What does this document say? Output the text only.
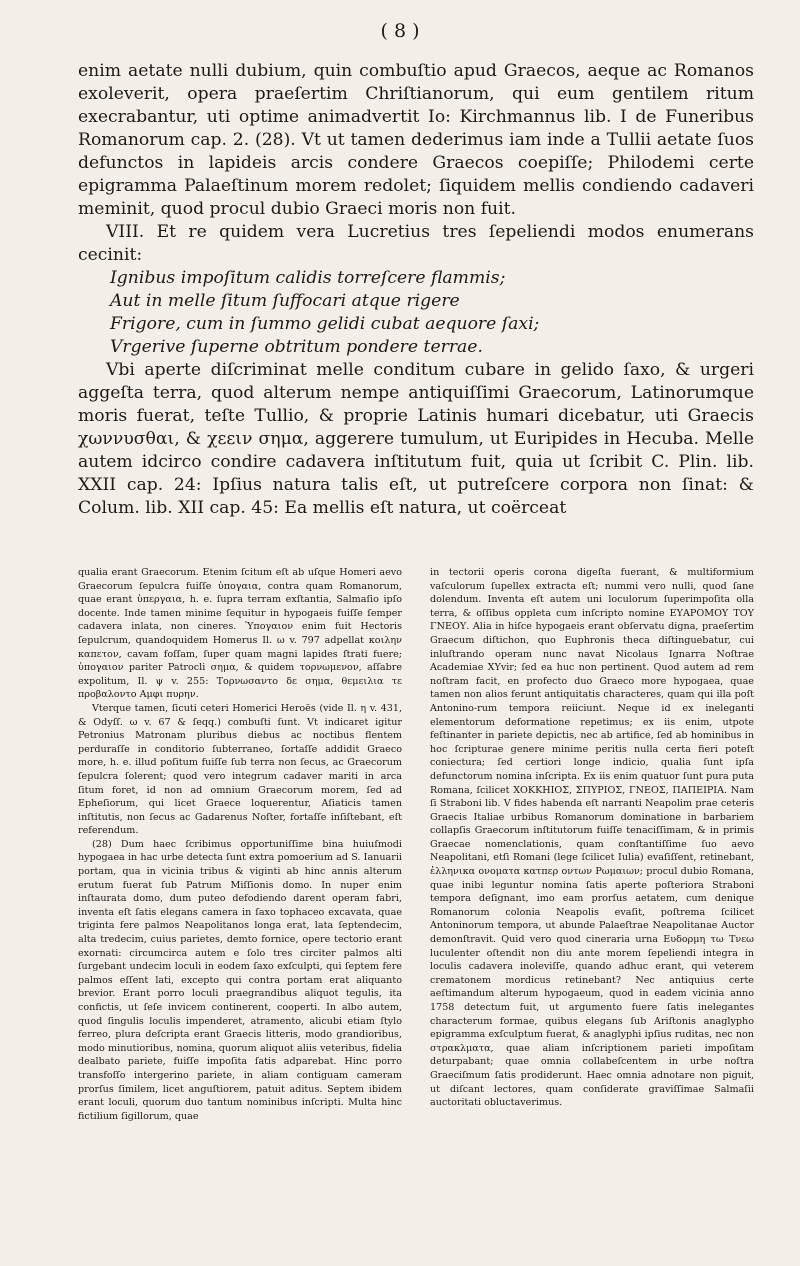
( 8 )

enim aetate nulli dubium, quin combuſtio apud Graecos, aeque ac Romanos exoleverit, opera praeſertim Chriſtianorum, qui eum gentilem ritum execrabantur, uti optime animadvertit Io: Kirchmannus lib. I de Funeribus Romanorum cap. 2. (28). Vt ut tamen dederimus iam inde a Tullii aetate ſuos defunctos in lapideis arcis condere Graecos coepiſſe; Philodemi certe epigramma Palaeſtinum morem redolet; ſiquidem mellis condiendo cadaveri meminit, quod procul dubio Graeci moris non fuit.

VIII. Et re quidem vera Lucretius tres ſepeliendi modos enumerans cecinit:

Ignibus impoſitum calidis torreſcere flammis;
Aut in melle ſitum ſuffocari atque rigere
Frigore, cum in ſummo gelidi cubat aequore ſaxi;
Vrgerive ſuperne obtritum pondere terrae.

Vbi aperte diſcriminat melle conditum cubare in gelido ſaxo, & urgeri aggeſta terra, quod alterum nempe antiquiſſimi Graecorum, Latinorumque moris fuerat, teſte Tullio, & proprie Latinis humari dicebatur, uti Graecis χωννυσθαι, & χεειν σημα, aggerere tumulum, ut Euripides in Hecuba. Melle autem idcirco condire cadavera inſtitutum fuit, quia ut ſcribit C. Plin. lib. XXII cap. 24: Ipſius natura talis eſt, ut putreſcere corpora non ſinat: & Colum. lib. XII cap. 45: Ea mellis eſt natura, ut coërceat

qualia erant Graecorum. Etenim ſcitum eſt ab uſque Homeri aevo Graecorum ſepulcra fuiſſe ὑπογαια, contra quam Romanorum, quae erant ὑπεργαια, h. e. ſupra terram exſtantia, Salmaſio ipſo docente. Inde tamen minime ſequitur in hypogaeis fuiſſe ſemper cadavera inlata, non cineres. Ὑπογαιον enim fuit Hectoris ſepulcrum, quandoquidem Homerus Il. ω v. 797 adpellat κοιλην καπετον, cavam foſſam, ſuper quam magni lapides ſtrati fuere; ὑπογαιον pariter Patrocli σημα, & quidem τορνωμενον, aſſabre expolitum, Il. ψ v. 255: Τορνωσαντο δε σημα, θεμειλια τε προβαλοντο Αμφι πυρην.

Vterque tamen, ſicuti ceteri Homerici Heroës (vide Il. η v. 431, & Odyſſ. ω v. 67 & ſeqq.) combuſti ſunt. Vt indicaret igitur Petronius Matronam pluribus diebus ac noctibus flentem perduraſſe in conditorio ſubterraneo, ſortaſſe addidit Graeco more, h. e. illud poſitum fuiſſe ſub terra non ſecus, ac Graecorum ſepulcra ſolerent; quod vero integrum cadaver mariti in arca ſitum foret, id non ad omnium Graecorum morem, ſed ad Epheſiorum, qui licet Graece loquerentur, Aſiaticis tamen inſtitutis, non ſecus ac Gadarenus Noſter, fortaſſe inſiſtebant, eſt referendum.

(28) Dum haec ſcribimus opportuniſſime bina huiuſmodi hypogaea in hac urbe detecta ſunt extra pomoerium ad S. Ianuarii portam, qua in vicinia tribus & viginti ab hinc annis alterum erutum fuerat ſub Patrum Miſſionis domo. In nuper enim inſtaurata domo, dum puteo defodiendo darent operam fabri, inventa eſt ſatis elegans camera in ſaxo tophaceo excavata, quae triginta fere palmos Neapolitanos longa erat, lata ſeptendecim, alta tredecim, cuius parietes, demto fornice, opere tectorio erant exornati: circumcirca autem e ſolo tres circiter palmos alti ſurgebant undecim loculi in eodem ſaxo exſculpti, qui ſeptem fere palmos eſſent lati, excepto qui contra portam erat aliquanto brevior. Erant porro loculi praegrandibus aliquot tegulis, ita confictis, ut ſeſe invicem continerent, cooperti. In albo autem, quod ſingulis loculis impenderet, atramento, alicubi etiam ſtylo ferreo, plura deſcripta erant Graecis litteris, modo grandioribus, modo minutioribus, nomina, quorum aliquot aliis veteribus, fidelia dealbato pariete, fuiſſe impoſita ſatis adparebat. Hinc porro transfoſſo intergerino pariete, in aliam contiguam cameram prorſus ſimilem, licet anguſtiorem, patuit aditus. Septem ibidem erant loculi, quorum duo tantum nominibus inſcripti. Multa hinc fictilium ſigillorum, quae

in tectorii operis corona digeſta fuerant, & multiformium vaſculorum ſupellex extracta eſt; nummi vero nulli, quod ſane dolendum. Inventa eſt autem uni loculorum ſuperimpoſita olla terra, & oſſibus oppleta cum inſcripto nomine ΕΥΑΡΟΜΟΥ ΤΟΥ ΓΝΕΟΥ. Alia in hiſce hypogaeis erant obſervatu digna, praeſertim Graecum diſtichon, quo Euphronis theca diſtinguebatur, cui inluſtrando operam nunc navat Nicolaus Ignarra Noſtrae Academiae ΧΥvir; ſed ea huc non pertinent. Quod autem ad rem noſtram facit, en profecto duo Graeco more hypogaea, quae tamen non alios ferunt antiquitatis characteres, quam qui illa poſt Antonino-rum tempora reiiciunt. Neque id ex ineleganti elementorum deformatione repetimus; ex iis enim, utpote feſtinanter in pariete depictis, nec ab artifice, ſed ab hominibus in hoc ſcripturae genere minime peritis nulla certa fieri poteſt coniectura; ſed certiori longe indicio, qualia ſunt ipſa defunctorum nomina inſcripta. Ex iis enim quatuor ſunt pura puta Romana, ſcilicet ΧΟΚΚΗΙΟΣ, ΣΠΥΡΙΟΣ, ΓΝΕΟΣ, ΠΑΠΕΙΡΙΑ. Nam ſi Straboni lib. V fides habenda eſt narranti Neapolim prae ceteris Graecis Italiae urbibus Romanorum dominatione in barbariem collapſis Graecorum inſtitutorum fuiſſe tenaciſſimam, & in primis Graecae nomenclationis, quam conſtantiſſime ſuo aevo Neapolitani, etſi Romani (lege ſcilicet Iulia) evaſiſſent, retinebant, ἐλληνικα ονοματα κατπερ οντων Ρωμαιων; procul dubio Romana, quae inibi leguntur nomina ſatis aperte poſteriora Straboni tempora deſignant, imo eam prorſus aetatem, cum denique Romanorum colonia Neapolis evaſit, poſtrema ſcilicet Antoninorum tempora, ut abunde Palaeſtrae Neapolitanae Auctor demonſtravit. Quid vero quod cineraria urna Ευδορμη τω Τνεω luculenter oſtendit non diu ante morem ſepeliendi integra in loculis cadavera inoleviſſe, quando adhuc erant, qui veterem crematonem mordicus retinebant? Nec antiquius certe aeſtimandum alterum hypogaeum, quod in eadem vicinia anno 1758 detectum fuit, ut argumento fuere ſatis inelegantes characterum formae, quibus elegans ſub Ariſtonis anaglypho epigramma exſculptum fuerat, & anaglyphi ipſius ruditas, nec non στρακλματα, quae aliam inſcriptionem parieti impoſitam deturpabant; quae omnia collabeſcentem in urbe noſtra Graeciſmum ſatis prodiderunt. Haec omnia adnotare non piguit, ut diſcant lectores, quam conſiderate graviſſimae Salmaſii auctoritati obluctaverimus.
